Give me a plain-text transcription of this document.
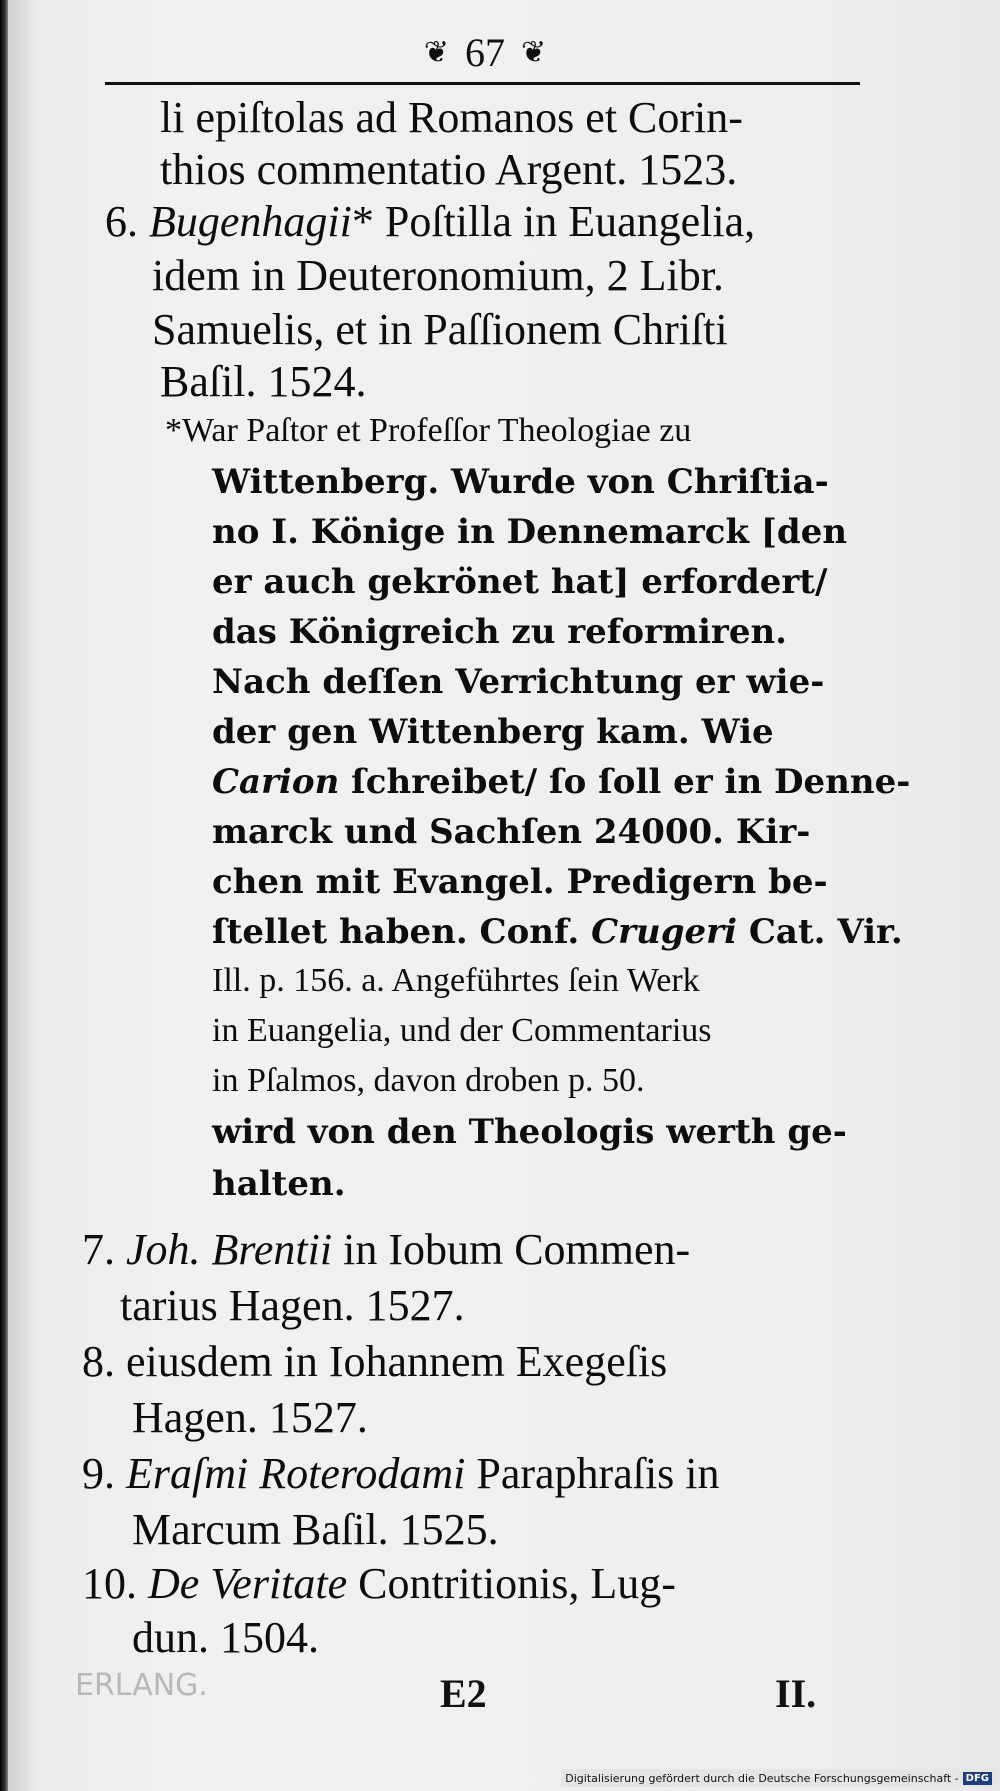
❦ 67 ❦
li epiſtolas ad Romanos et Corin-
thios commentatio Argent. 1523.
6. Bugenhagii* Poſtilla in Euangelia,
idem in Deuteronomium, 2 Libr.
Samuelis, et in Paſſionem Chriſti
Baſil. 1524.
*War Paſtor et Profeſſor Theologiae zu
Wittenberg. Wurde von Chriſtia-
no I. Könige in Dennemarck [den
er auch gekrönet hat] erfordert/
das Königreich zu reformiren.
Nach deſſen Verrichtung er wie-
der gen Wittenberg kam. Wie
Carion ſchreibet/ ſo ſoll er in Denne-
marck und Sachſen 24000. Kir-
chen mit Evangel. Predigern be-
ſtellet haben. Conf. Crugeri Cat. Vir.
Ill. p. 156. a. Angeführtes ſein Werk
in Euangelia, und der Commentarius
in Pſalmos, davon droben p. 50.
wird von den Theologis werth ge-
halten.
7. Joh. Brentii in Iobum Commen-
tarius Hagen. 1527.
8. eiusdem in Iohannem Exegeſis
Hagen. 1527.
9. Eraſmi Roterodami Paraphraſis in
Marcum Baſil. 1525.
10. De Veritate Contritionis, Lug-
dun. 1504.
ERLANG.	E2	II.
Digitalisierung gefördert durch die Deutsche Forschungsgemeinschaft - DFG
